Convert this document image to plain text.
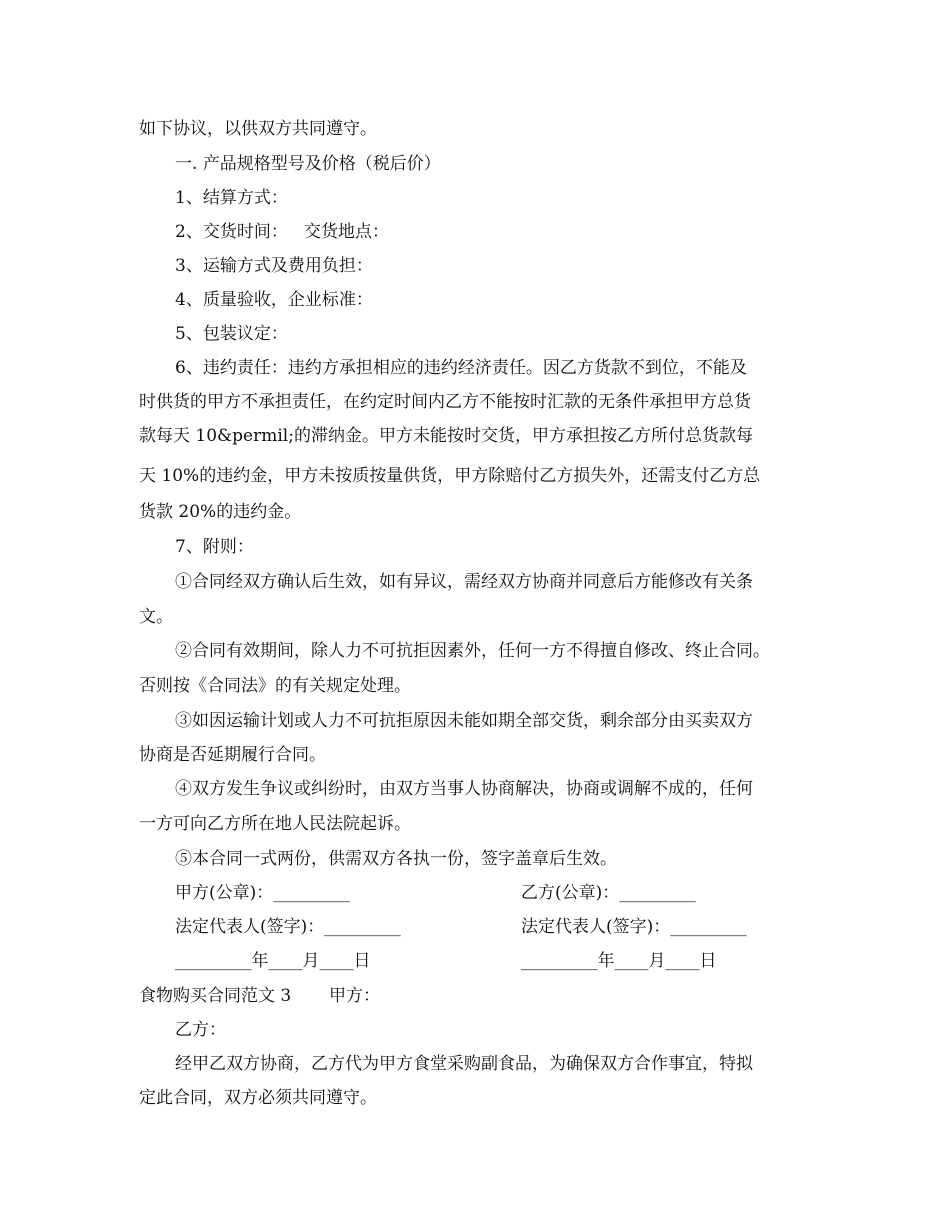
如下协议，以供双方共同遵守。
一. 产品规格型号及价格（税后价）
1、结算方式：
2、交货时间：   交货地点：
3、运输方式及费用负担：
4、质量验收，企业标准：
5、包装议定：
6、违约责任：违约方承担相应的违约经济责任。因乙方货款不到位，不能及
时供货的甲方不承担责任，在约定时间内乙方不能按时汇款的无条件承担甲方总货
款每天 10&permil;的滞纳金。甲方未能按时交货，甲方承担按乙方所付总货款每
天 10%的违约金，甲方未按质按量供货，甲方除赔付乙方损失外，还需支付乙方总
货款 20%的违约金。
7、附则：
①合同经双方确认后生效，如有异议，需经双方协商并同意后方能修改有关条
文。
②合同有效期间，除人力不可抗拒因素外，任何一方不得擅自修改、终止合同。
否则按《合同法》的有关规定处理。
③如因运输计划或人力不可抗拒原因未能如期全部交货，剩余部分由买卖双方
协商是否延期履行合同。
④双方发生争议或纠纷时，由双方当事人协商解决，协商或调解不成的，任何
一方可向乙方所在地人民法院起诉。
⑤本合同一式两份，供需双方各执一份，签字盖章后生效。
甲方(公章)：_________	乙方(公章)：_________
法定代表人(签字)：_________	法定代表人(签字)：_________
_________年____月____日	_________年____月____日
食物购买合同范文 3       甲方：
乙方：
经甲乙双方协商，乙方代为甲方食堂采购副食品，为确保双方合作事宜，特拟
定此合同，双方必须共同遵守。
